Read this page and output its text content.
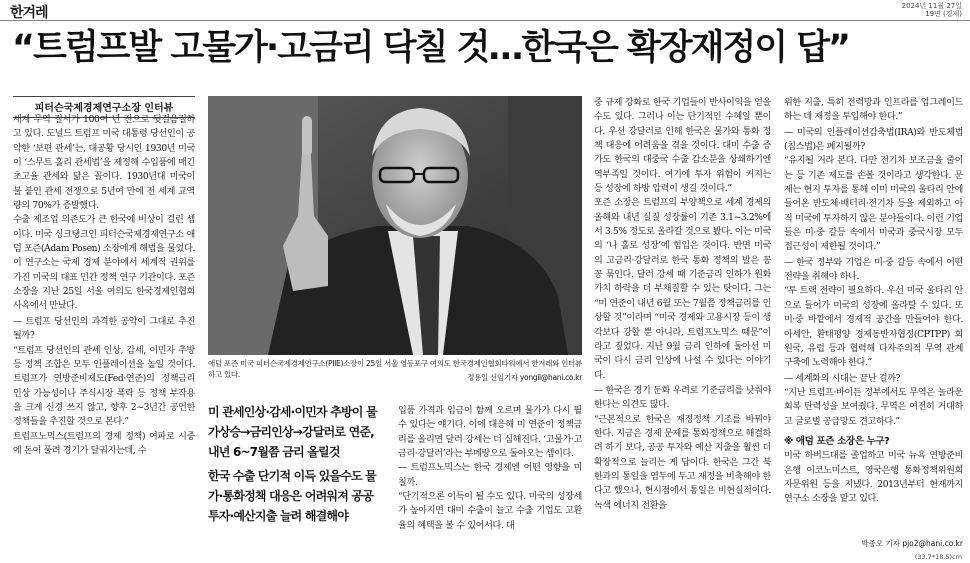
한겨레	2024년 11월 27일
19면 (경제)
“트럼프발 고물가·고금리 닥칠 것…한국은 확장재정이 답”
피터슨국제경제연구소장 인터뷰

세계 무역 질서가 100여 년 전으로 뒷걸음질하고 있다. 도널드 트럼프 미국 대통령 당선인이 공약한 ‘보편 관세’는, 대공황 당시인 1930년 미국이 ‘스무트 홀리 관세법’을 제정해 수입품에 매긴 초고율 관세와 닮은 꼴이다. 1930년대 미국이 불 붙인 관세 전쟁으로 5년여 만에 전 세계 교역량의 70%가 증발했다.

수출 제조업 의존도가 큰 한국에 비상이 걸린 셈이다. 미국 싱크탱크인 피터슨국제경제연구소 애덤 포즌(Adam Posen) 소장에게 해법을 물었다. 이 연구소는 국제 경제 분야에서 세계적 권위를 가진 미국의 대표 민간 정책 연구 기관이다. 포즌 소장을 지난 25일 서울 여의도 한국경제인협회 사옥에서 만났다.

— 트럼프 당선인의 과격한 공약이 그대로 추진될까?

“트럼프 당선인의 관세 인상, 감세, 이민자 추방 등 정책 조합은 모두 인플레이션을 높일 것이다. 트럼프가 연방준비제도(Fed·연준)의 정책금리 인상 가능성이나 주식시장 폭락 등 정책 부작용을 크게 신경 쓰지 않고, 향후 2~3년간 공언한 정책들을 추진할 것으로 본다.”

트럼프노믹스(트럼프의 경제 정책) 여파로 시중에 돈이 풀려 경기가 달궈지는데, 수

애덤 포즌 미국 피터슨국제경제연구소(PIIE)소장이 25일 서울 영등포구 여의도 한국경제인협회타워에서 한겨레와 인터뷰하고 있다.	정용일 선임기자 yongil@hani.co.kr

미 관세인상·감세·이민자 추방이 물가상승→금리인상→강달러로 연준, 내년 6~7월쯤 금리 올릴것

한국 수출 단기적 이득 있을수도 물가·통화정책 대응은 어려워져 공공투자·예산지출 늘려 해결해야

입품 가격과 임금이 함께 오르며 물가가 다시 뛸 수 있다는 얘기다. 이에 대응해 미 연준이 정책금리를 올리면 달러 강세는 더 심해진다. ‘고물가·고금리·강달러’라는 부메랑으로 돌아오는 셈이다.

— 트럼프노믹스는 한국 경제엔 어떤 영향을 미칠까.

“단기적으론 이득이 될 수도 있다. 미국의 성장세가 높아지면 대미 수출이 늘고 수출 기업도 고환율의 혜택을 볼 수 있어서다. 대

중 규제 강화로 한국 기업들이 반사이익을 얻을 수도 있다. 그러나 이는 단기적인 수혜일 뿐이다. 우선 강달러로 인해 한국은 물가와 통화 정책 대응에 어려움을 겪을 것이다. 대미 수출 증가도 한국의 대중국 수출 감소분을 상쇄하기엔 역부족일 것이다. 여기에 투자 위험이 커지는 등 성장에 하방 압력이 생길 것이다.”

포즌 소장은 트럼프의 부양책으로 세계 경제의 올해와 내년 실질 성장률이 기존 3.1~3.2%에서 3.5% 정도로 올라갈 것으로 봤다. 이는 미국의 ‘나 홀로 성장’에 힘입은 것이다. 반면 미국의 고금리·강달러로 한국 통화 정책의 발은 꽁꽁 묶인다. 달러 강세 때 기준금리 인하가 원화가치 하락을 더 부채질할 수 있는 탓이다. 그는 “미 연준이 내년 6월 또는 7월쯤 정책금리를 인상할 것”이라며 “미국 경제와 고용시장 등이 생각보다 강할 뿐 아니라, 트럼프노믹스 때문”이라고 짚었다. 지난 9월 금리 인하에 돌아선 미국이 다시 금리 인상에 나설 수 있다는 이야기다.

— 한국은 경기 둔화 우려로 기준금리를 낮춰야 한다는 의견도 많다.

“근본적으로 한국은 재정정책 기조를 바꿔야 한다. 지금은 경제 문제를 통화정책으로 해결하려 하기 보다, 공공 투자와 예산 지출을 훨씬 더 확장적으로 늘리는 게 답이다. 한국은 그간 북한과의 통일을 염두에 두고 재정을 비축해야 한다고 했으나, 현시점에서 통일은 비현실적이다. 녹색 에너지 전환을

위한 지출, 특히 전력망과 인프라를 업그레이드하는 데 재정을 투입해야 한다.”

— 미국의 인플레이션감축법(IRA)와 반도체법(칩스법)은 폐지될까?

“유지될 거라 본다. 다만 전기차 보조금을 줄이는 등 기존 제도를 손볼 것이라고 생각한다. 문제는 현지 투자를 통해 이미 미국의 울타리 안에 들어온 반도체·배터리·전기차 등을 제외하고 아직 미국에 투자하지 않은 분야들이다. 이런 기업들은 미·중 갈등 속에서 미국과 중국시장 모두 접근성이 제한될 것이다.”

— 한국 정부와 기업은 미·중 갈등 속에서 어떤 전략을 취해야 하나.

“투 트랙 전략이 필요하다. 우선 미국 울타리 안으로 들어가 미국의 성장에 올라탈 수 있다. 또 미·중 바깥에서 경제적 공간을 만들어야 한다. 아세안, 환태평양 경제동반자협정(CPTPP) 회원국, 유럽 등과 협력해 다자주의적 무역 관계 구축에 노력해야 한다.”

— 세계화의 시대는 끝난 걸까?

“지난 트럼프·바이든 정부에서도 무역은 놀라운 회복 탄력성을 보여줬다. 무역은 여전히 거대하고 글로벌 공급망도 견고하다.”

※ 애덤 포즌 소장은 누구?

미국 하버드대를 졸업하고 미국 뉴욕 연방준비은행 이코노미스트, 영국은행 통화정책위원회 자문위원 등을 지냈다. 2013년부터 현재까지 연구소 소장을 맡고 있다.

박종오 기자 pjo2@hani.co.kr
(33.7*18.5)cm
